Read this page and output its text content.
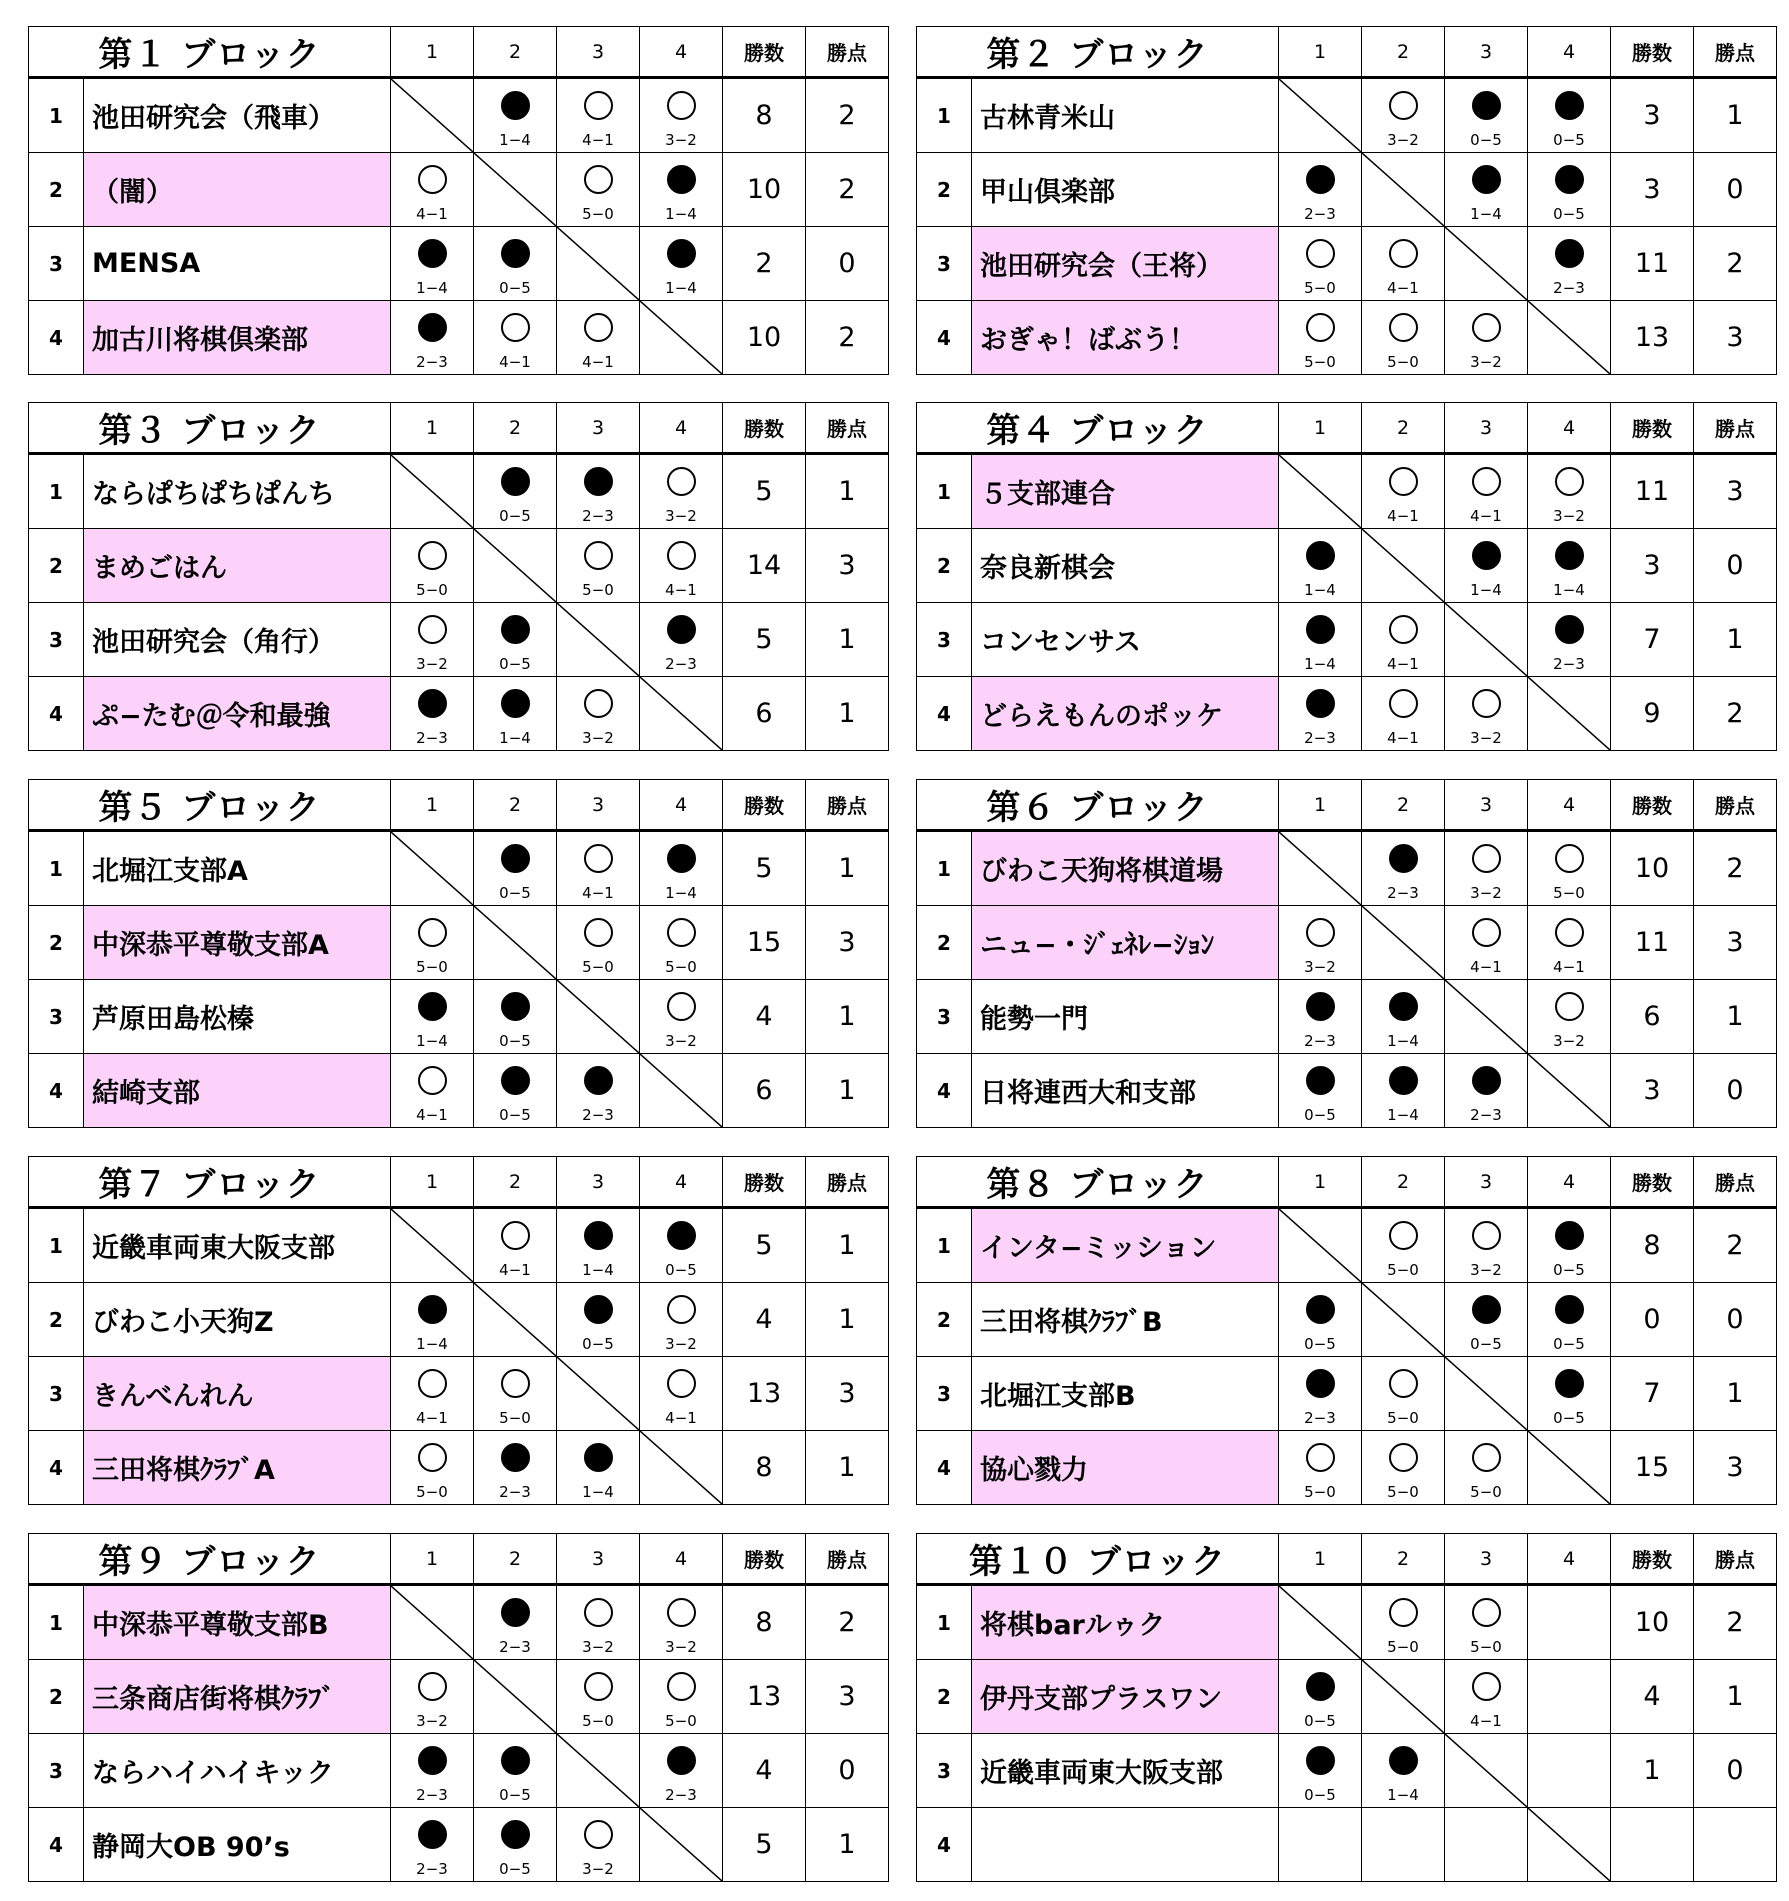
第１ ブロック		1	2	3	4	勝数	勝点
1	池田研究会（飛車）		1−4	4−1	3−2	8	2
2	（闇）	4−1		5−0	1−4	10	2
3	MENSA	1−4	0−5		1−4	2	0
4	加古川将棋倶楽部	2−3	4−1	4−1		10	2
第２ ブロック		1	2	3	4	勝数	勝点
1	古林青米山		3−2	0−5	0−5	3	1
2	甲山倶楽部	2−3		1−4	0−5	3	0
3	池田研究会（王将）	5−0	4−1		2−3	11	2
4	おぎゃ！ばぶう！	5−0	5−0	3−2		13	3
第３ ブロック		1	2	3	4	勝数	勝点
1	ならぱちぱちぱんち		0−5	2−3	3−2	5	1
2	まめごはん	5−0		5−0	4−1	14	3
3	池田研究会（角行）	3−2	0−5		2−3	5	1
4	ぷ−たむ＠令和最強	2−3	1−4	3−2		6	1
第４ ブロック		1	2	3	4	勝数	勝点
1	５支部連合		4−1	4−1	3−2	11	3
2	奈良新棋会	1−4		1−4	1−4	3	0
3	コンセンサス	1−4	4−1		2−3	7	1
4	どらえもんのポッケ	2−3	4−1	3−2		9	2
第５ ブロック		1	2	3	4	勝数	勝点
1	北堀江支部A		0−5	4−1	1−4	5	1
2	中深恭平尊敬支部A	5−0		5−0	5−0	15	3
3	芦原田島松榛	1−4	0−5		3−2	4	1
4	結崎支部	4−1	0−5	2−3		6	1
第６ ブロック		1	2	3	4	勝数	勝点
1	びわこ天狗将棋道場		2−3	3−2	5−0	10	2
2	ニュ−・ｼﾞｪﾈﾚ−ｼｮﾝ	3−2		4−1	4−1	11	3
3	能勢一門	2−3	1−4		3−2	6	1
4	日将連西大和支部	0−5	1−4	2−3		3	0
第７ ブロック		1	2	3	4	勝数	勝点
1	近畿車両東大阪支部		4−1	1−4	0−5	5	1
2	びわこ小天狗Z	1−4		0−5	3−2	4	1
3	きんべんれん	4−1	5−0		4−1	13	3
4	三田将棋ｸﾗﾌﾞA	5−0	2−3	1−4		8	1
第８ ブロック		1	2	3	4	勝数	勝点
1	インタ−ミッション		5−0	3−2	0−5	8	2
2	三田将棋ｸﾗﾌﾞB	0−5		0−5	0−5	0	0
3	北堀江支部B	2−3	5−0		0−5	7	1
4	協心戮力	5−0	5−0	5−0		15	3
第９ ブロック		1	2	3	4	勝数	勝点
1	中深恭平尊敬支部B		2−3	3−2	3−2	8	2
2	三条商店街将棋ｸﾗﾌﾞ	3−2		5−0	5−0	13	3
3	ならハイハイキック	2−3	0−5		2−3	4	0
4	静岡大OB 90’s	2−3	0−5	3−2		5	1
第１０ ブロック		1	2	3	4	勝数	勝点
1	将棋barルゥク		5−0	5−0		10	2
2	伊丹支部プラスワン	0−5		4−1		4	1
3	近畿車両東大阪支部	0−5	1−4			1	0
4					
